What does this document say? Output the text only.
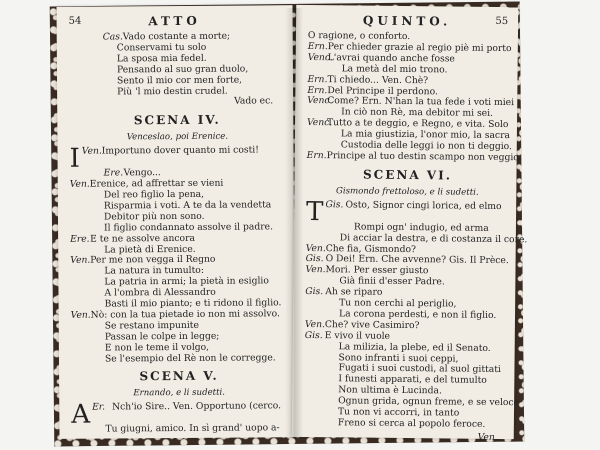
54	ATTO
Cas.Vado costante a morte;
Conservami tu solo
La sposa mia fedel.
Pensando al suo gran duolo,
Sento il mio cor men forte,
Più 'l mio destin crudel.
Vado ec.
SCENA IV.
Venceslao, poi Erenice.
Ven.
I Importuno dover quanto mi costi!
Ere.Vengo...
Ven.Erenice, ad affrettar se vieni
Del reo figlio la pena,
Risparmia i voti. A te da la vendetta
Debitor più non sono.
Il figlio condannato assolve il padre.
Ere.E te ne assolve ancora
La pietà di Erenice.
Ven.Per me non vegga il Regno
La natura in tumulto:
La patria in armi; la pietà in esiglio
A l'ombra di Alessandro
Basti il mio pianto; e ti ridono il figlio.
Ven.Nò: con la tua pietade io non mi assolvo.
Se restano impunite
Passan le colpe in legge;
E non le teme il volgo,
Se l'esempio del Rè non le corregge.
SCENA V.
Ernando, e li sudetti.
Er.
A Nch'io Sire.. Ven. Opportuno (cerco.
Tu giugni, amico. In sì grand' uopo a-
QUINTO.	55
O ragione, o conforto.
Ern.Per chieder grazie al regio piè mi porto
Venc.L'avrai quando anche fosse
La metà del mio trono.
Ern.Ti chiedo... Ven. Chè?
Ern.Del Principe il perdono.
Venc.Come? Ern. N'han la tua fede i voti miei
In ciò non Rè, ma debitor mi sei.
Venc.Tutto a te deggio, e Regno, e vita. Solo
La mia giustizia, l'onor mio, la sacra
Custodia delle leggi io non ti deggio.
Ern.Principe al tuo destin scampo non veggio.
SCENA VI.
Gismondo frettoloso, e li sudetti.
Gis.
T Osto, Signor cingi lorica, ed elmo
Rompi ogn' indugio, ed arma
Di acciar la destra, e di costanza il core.
Ven.Che fia, Gismondo?
Gis. O Dei! Ern. Che avvenne? Gis. Il Prèce.
Ven.Mori. Per esser giusto
Già finii d'esser Padre.
Gis. Ah se riparo
Tu non cerchi al periglio,
La corona perdesti, e non il figlio.
Ven.Che? vive Casimiro?
Gis. E vivo il vuole
La milizia, la plebe, ed il Senato.
Sono infranti i suoi ceppi,
Fugati i suoi custodi, al suol gittati
I funesti apparati, e del tumulto
Non ultima è Lucinda.
Ognun grida, ognun freme, e se veloce
Tu non vi accorri, in tanto
Freno si cerca al popolo feroce.
Ven.
